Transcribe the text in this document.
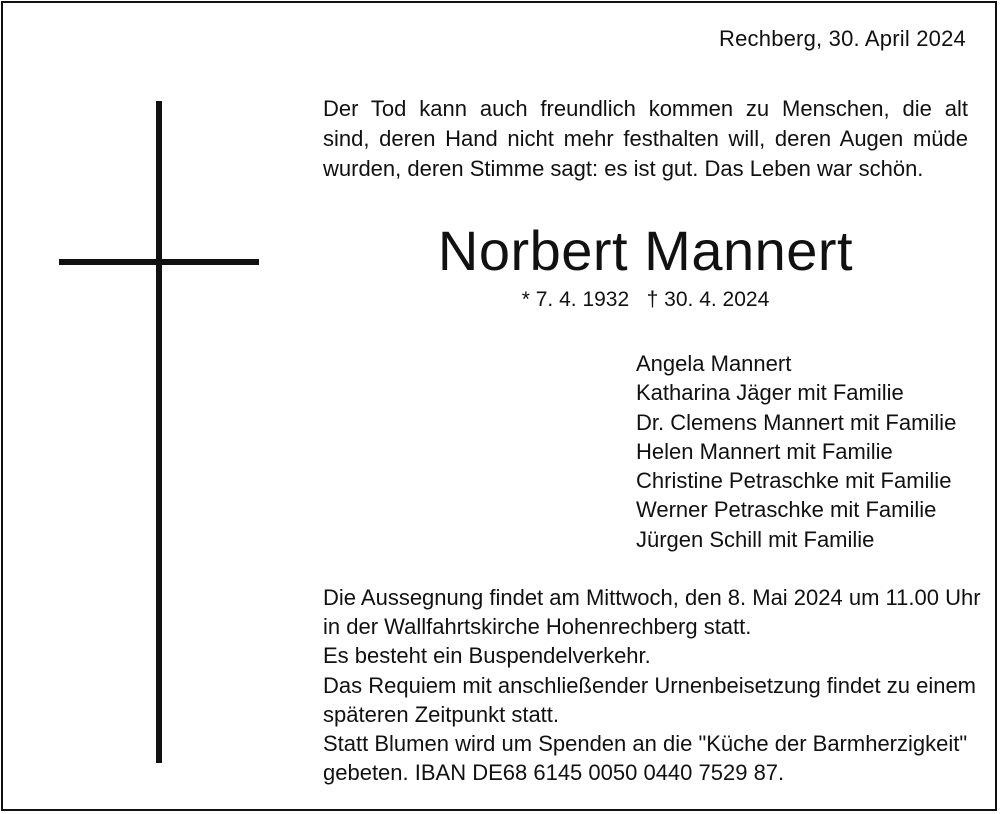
Rechberg, 30. April 2024
Der Tod kann auch freundlich kommen zu Menschen, die alt
sind, deren Hand nicht mehr festhalten will, deren Augen müde
wurden, deren Stimme sagt: es ist gut. Das Leben war schön.
Norbert Mannert
* 7. 4. 1932   † 30. 4. 2024
Angela Mannert
Katharina Jäger mit Familie
Dr. Clemens Mannert mit Familie
Helen Mannert mit Familie
Christine Petraschke mit Familie
Werner Petraschke mit Familie
Jürgen Schill mit Familie
Die Aussegnung findet am Mittwoch, den 8. Mai 2024 um 11.00 Uhr
in der Wallfahrtskirche Hohenrechberg statt.
Es besteht ein Buspendelverkehr.
Das Requiem mit anschließender Urnenbeisetzung findet zu einem
späteren Zeitpunkt statt.
Statt Blumen wird um Spenden an die "Küche der Barmherzigkeit"
gebeten. IBAN DE68 6145 0050 0440 7529 87.
